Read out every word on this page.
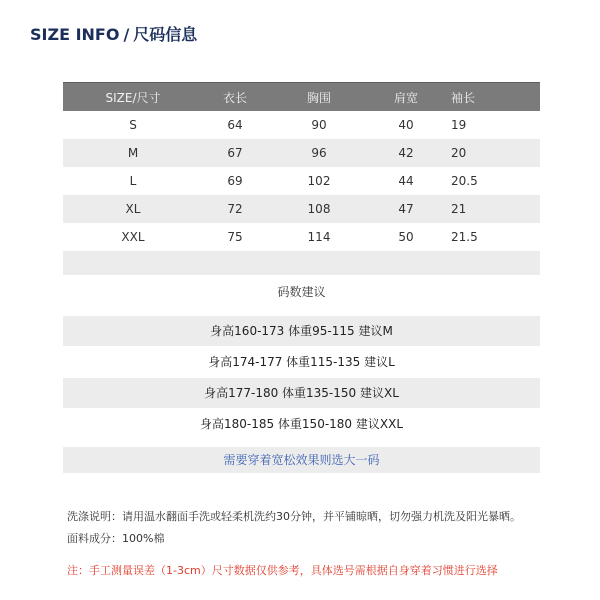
SIZE INFO / 尺码信息
SIZE/尺寸	衣长	胸围	肩宽	袖长
S	64	90	40	19
M	67	96	42	20
L	69	102	44	20.5
XL	72	108	47	21
XXL	75	114	50	21.5
码数建议
身高160-173 体重95-115 建议M
身高174-177 体重115-135 建议L
身高177-180 体重135-150 建议XL
身高180-185 体重150-180 建议XXL
需要穿着宽松效果则选大一码
洗涤说明：请用温水翻面手洗或轻柔机洗约30分钟，并平铺晾晒，切勿强力机洗及阳光暴晒。
面料成分：100%棉
注：手工测量误差（1-3cm）尺寸数据仅供参考，具体选号需根据自身穿着习惯进行选择
